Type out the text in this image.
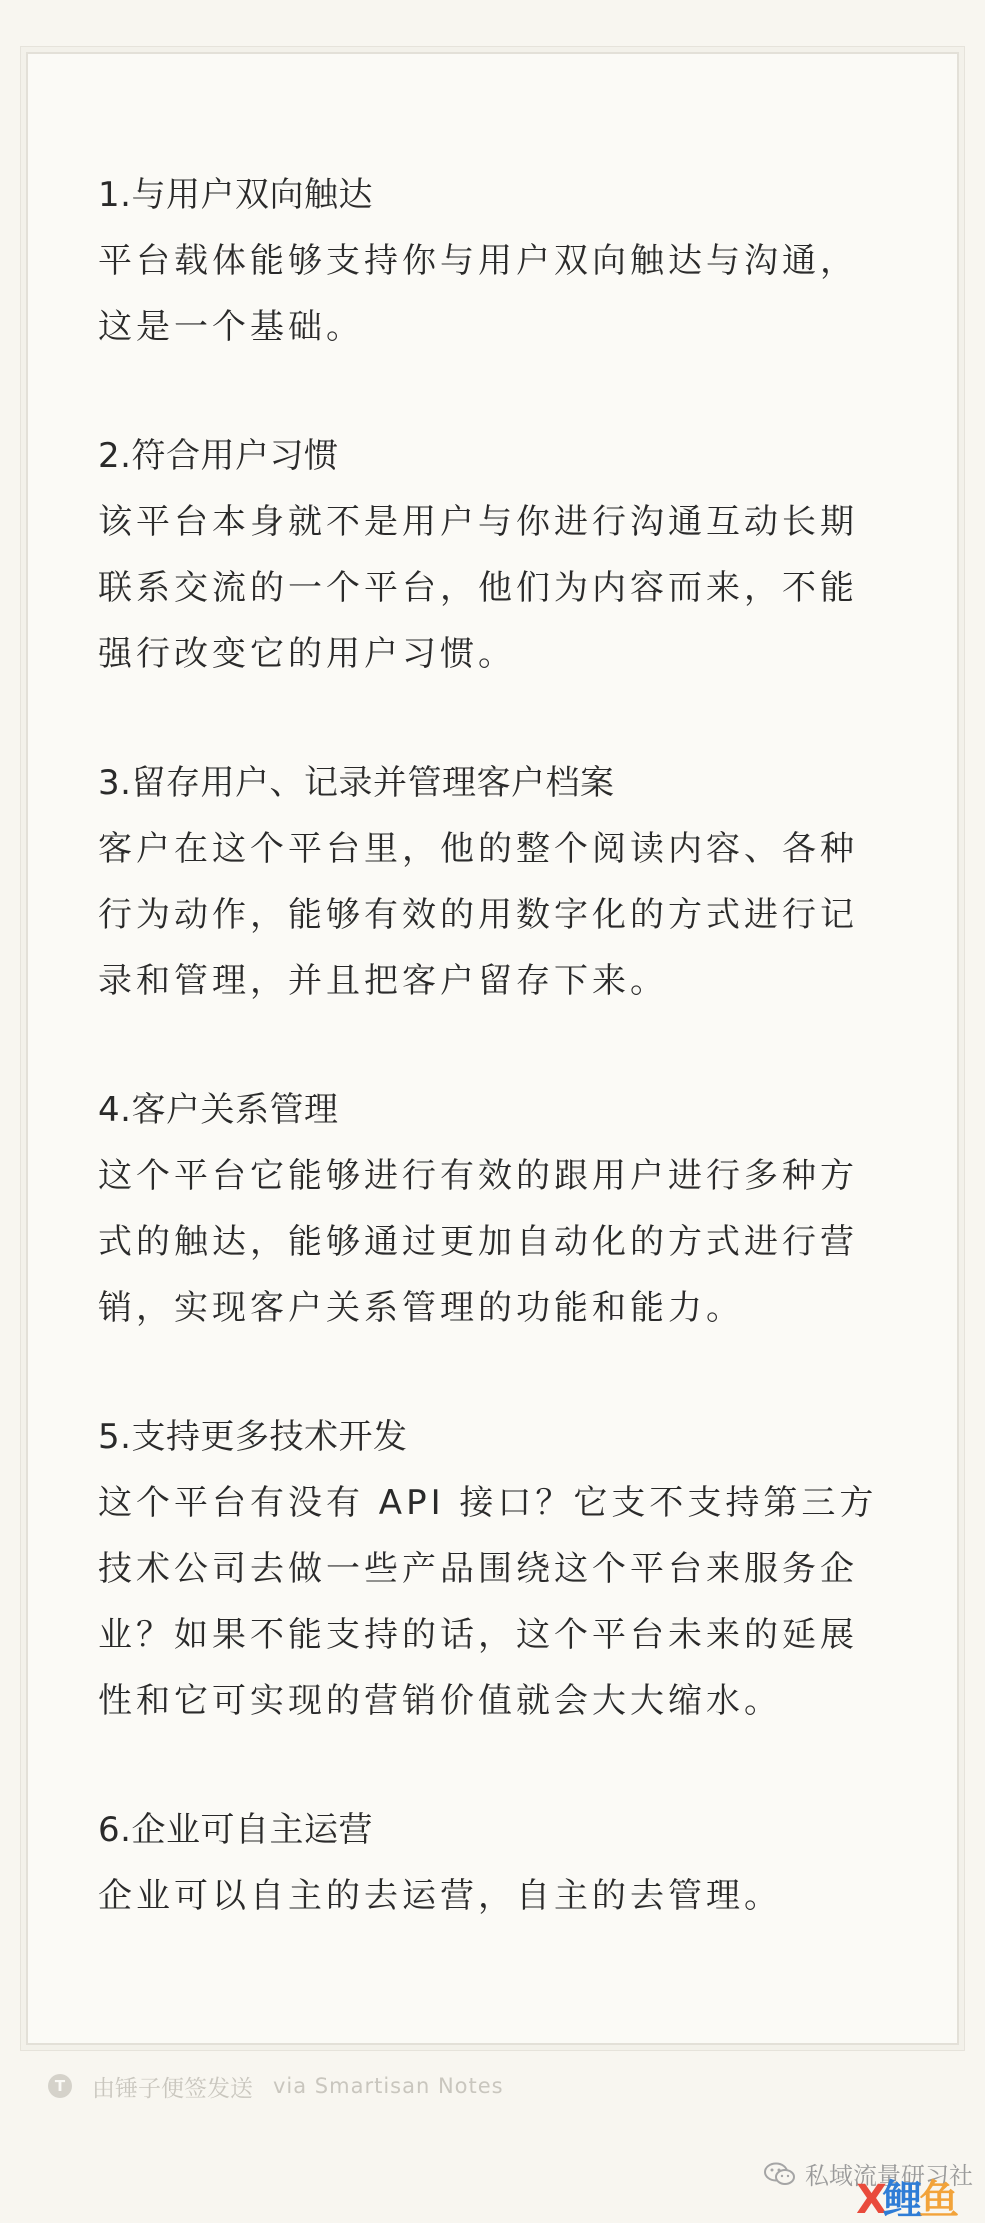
1.与用户双向触达
平台载体能够支持你与用户双向触达与沟通，
这是一个基础。
2.符合用户习惯
该平台本身就不是用户与你进行沟通互动长期
联系交流的一个平台，他们为内容而来，不能
强行改变它的用户习惯。
3.留存用户、记录并管理客户档案
客户在这个平台里，他的整个阅读内容、各种
行为动作，能够有效的用数字化的方式进行记
录和管理，并且把客户留存下来。
4.客户关系管理
这个平台它能够进行有效的跟用户进行多种方
式的触达，能够通过更加自动化的方式进行营
销，实现客户关系管理的功能和能力。
5.支持更多技术开发
这个平台有没有 API 接口？它支不支持第三方
技术公司去做一些产品围绕这个平台来服务企
业？如果不能支持的话，这个平台未来的延展
性和它可实现的营销价值就会大大缩水。
6.企业可自主运营
企业可以自主的去运营，自主的去管理。
T 由锤子便签发送 via Smartisan Notes
私域流量研习社
X鲤鱼
